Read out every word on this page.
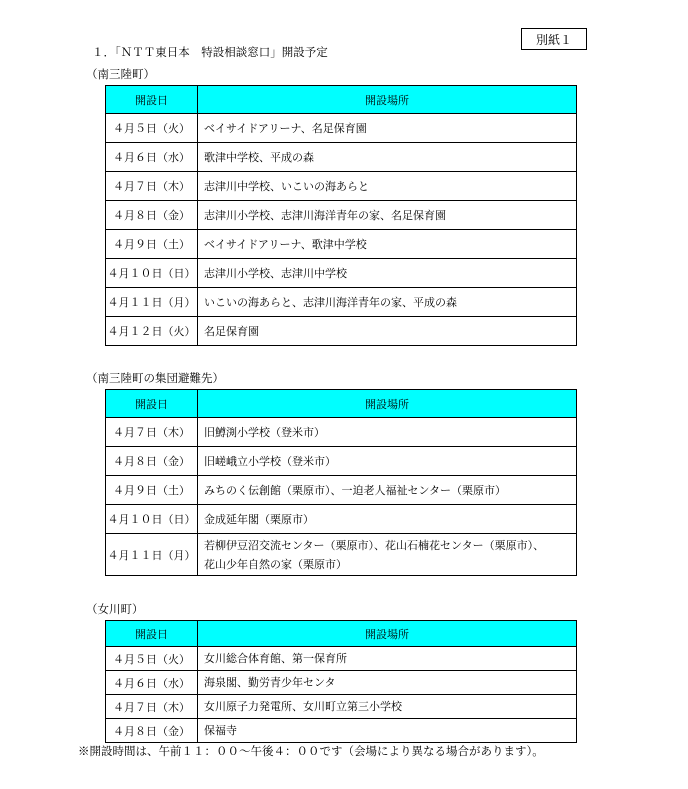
別紙１
１．「ＮＴＴ東日本　特設相談窓口」開設予定
（南三陸町）
開設日	開設場所
４月５日（火）	ベイサイドアリーナ、名足保育園
４月６日（水）	歌津中学校、平成の森
４月７日（木）	志津川中学校、いこいの海あらと
４月８日（金）	志津川小学校、志津川海洋青年の家、名足保育園
４月９日（土）	ベイサイドアリーナ、歌津中学校
４月１０日（日）	志津川小学校、志津川中学校
４月１１日（月）	いこいの海あらと、志津川海洋青年の家、平成の森
４月１２日（火）	名足保育園
（南三陸町の集団避難先）
開設日	開設場所
４月７日（木）	旧鱒渕小学校（登米市）
４月８日（金）	旧嵯峨立小学校（登米市）
４月９日（土）	みちのく伝創館（栗原市）、一迫老人福祉センター（栗原市）
４月１０日（日）	金成延年閣（栗原市）
４月１１日（月）	若柳伊豆沼交流センター（栗原市）、花山石楠花センター（栗原市）、
花山少年自然の家（栗原市）
（女川町）
開設日	開設場所
４月５日（火）	女川総合体育館、第一保育所
４月６日（水）	海泉閣、勤労青少年センタ
４月７日（木）	女川原子力発電所、女川町立第三小学校
４月８日（金）	保福寺
※開設時間は、午前１１：００～午後４：００です（会場により異なる場合があります）。
